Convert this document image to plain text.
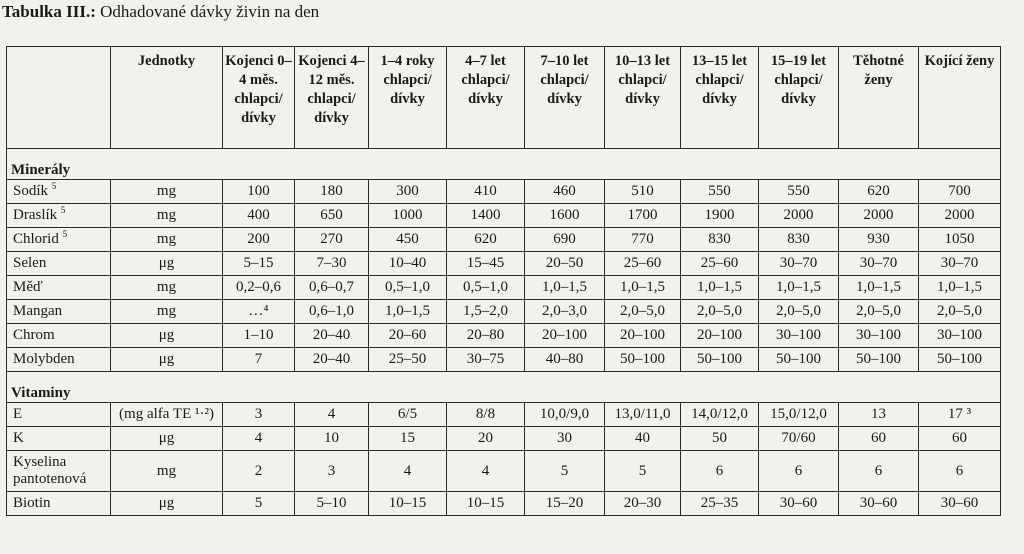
Tabulka III.: Odhadované dávky živin na den
	Jednotky	Kojenci 0–4 měs. chlapci/ dívky	Kojenci 4–12 měs. chlapci/ dívky	1–4 roky chlapci/ dívky	4–7 let chlapci/ dívky	7–10 let chlapci/ dívky	10–13 let chlapci/ dívky	13–15 let chlapci/ dívky	15–19 let chlapci/ dívky	Těhotné ženy	Kojící ženy
Minerály											
Sodík $^5$	mg	100	180	300	410	460	510	550	550	620	700
Draslík $^5$	mg	400	650	1000	1400	1600	1700	1900	2000	2000	2000
Chlorid $^5$	mg	200	270	450	620	690	770	830	830	930	1050
Selen	μg	5–15	7–30	10–40	15–45	20–50	25–60	25–60	30–70	30–70	30–70
Měď	mg	0,2–0,6	0,6–0,7	0,5–1,0	0,5–1,0	1,0–1,5	1,0–1,5	1,0–1,5	1,0–1,5	1,0–1,5	1,0–1,5
Mangan	mg	…⁴	0,6–1,0	1,0–1,5	1,5–2,0	2,0–3,0	2,0–5,0	2,0–5,0	2,0–5,0	2,0–5,0	2,0–5,0
Chrom	μg	1–10	20–40	20–60	20–80	20–100	20–100	20–100	30–100	30–100	30–100
Molybden	μg	7	20–40	25–50	30–75	40–80	50–100	50–100	50–100	50–100	50–100
Vitaminy											
E	(mg alfa TE ¹·²)	3	4	6/5	8/8	10,0/9,0	13,0/11,0	14,0/12,0	15,0/12,0	13	17 ³
K	μg	4	10	15	20	30	40	50	70/60	60	60
Kyselina pantotenová	mg	2	3	4	4	5	5	6	6	6	6
Biotin	μg	5	5–10	10–15	10–15	15–20	20–30	25–35	30–60	30–60	30–60
